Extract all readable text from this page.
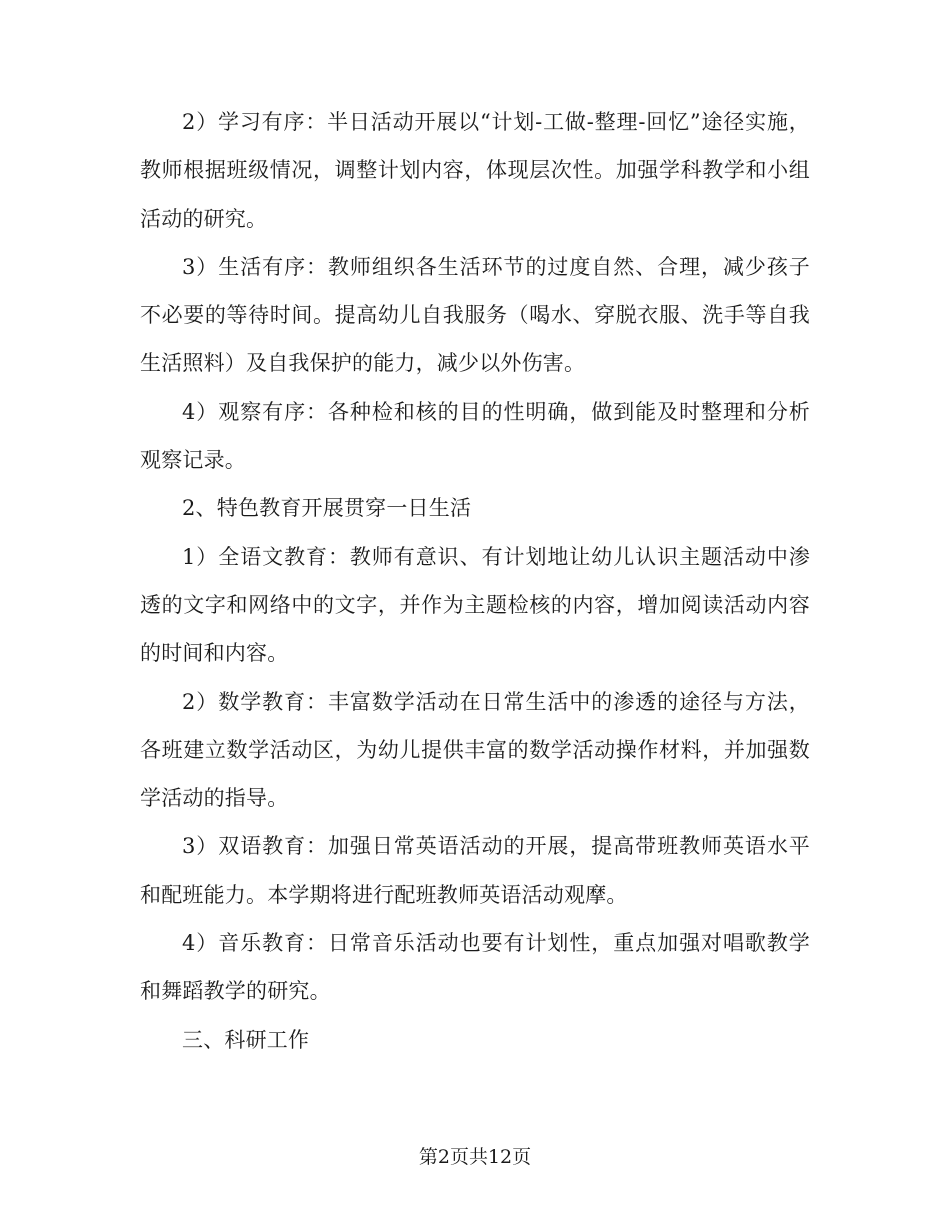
2）学习有序：半日活动开展以“计划-工做-整理-回忆”途径实施，教师根据班级情况，调整计划内容，体现层次性。加强学科教学和小组活动的研究。

3）生活有序：教师组织各生活环节的过度自然、合理，减少孩子不必要的等待时间。提高幼儿自我服务（喝水、穿脱衣服、洗手等自我生活照料）及自我保护的能力，减少以外伤害。

4）观察有序：各种检和核的目的性明确，做到能及时整理和分析观察记录。

2、特色教育开展贯穿一日生活

1）全语文教育：教师有意识、有计划地让幼儿认识主题活动中渗透的文字和网络中的文字，并作为主题检核的内容，增加阅读活动内容的时间和内容。

2）数学教育：丰富数学活动在日常生活中的渗透的途径与方法，各班建立数学活动区，为幼儿提供丰富的数学活动操作材料，并加强数学活动的指导。

3）双语教育：加强日常英语活动的开展，提高带班教师英语水平和配班能力。本学期将进行配班教师英语活动观摩。

4）音乐教育：日常音乐活动也要有计划性，重点加强对唱歌教学和舞蹈教学的研究。

三、科研工作

第2页共12页
